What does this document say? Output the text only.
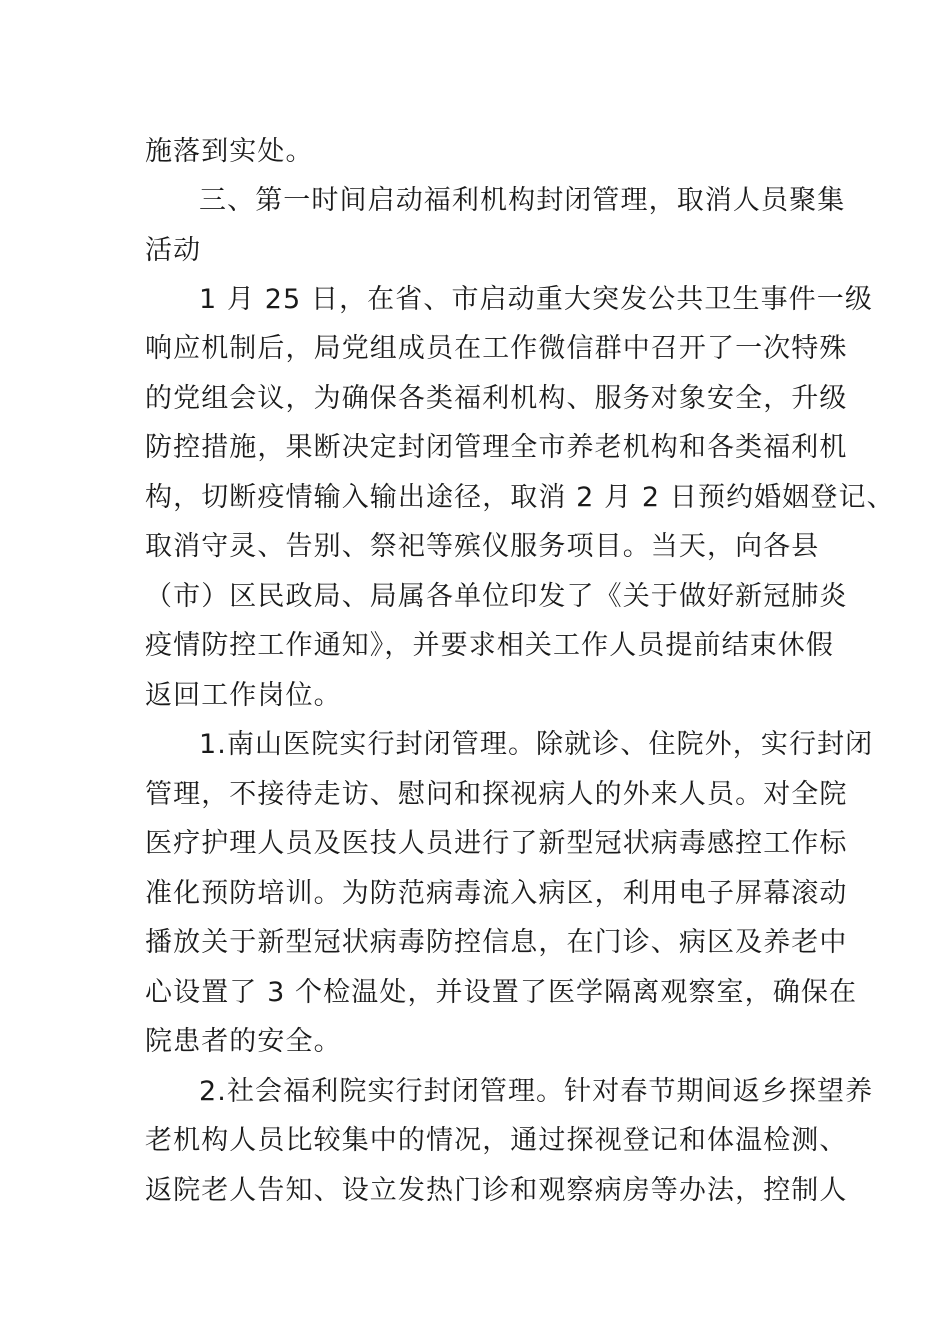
施落到实处。

三、第一时间启动福利机构封闭管理，取消人员聚集

活动

1 月 25 日，在省、市启动重大突发公共卫生事件一级

响应机制后，局党组成员在工作微信群中召开了一次特殊

的党组会议，为确保各类福利机构、服务对象安全，升级

防控措施，果断决定封闭管理全市养老机构和各类福利机

构，切断疫情输入输出途径，取消 2 月 2 日预约婚姻登记、

取消守灵、告别、祭祀等殡仪服务项目。当天，向各县

（市）区民政局、局属各单位印发了《关于做好新冠肺炎

疫情防控工作通知》，并要求相关工作人员提前结束休假

返回工作岗位。

1.南山医院实行封闭管理。除就诊、住院外，实行封闭

管理，不接待走访、慰问和探视病人的外来人员。对全院

医疗护理人员及医技人员进行了新型冠状病毒感控工作标

准化预防培训。为防范病毒流入病区，利用电子屏幕滚动

播放关于新型冠状病毒防控信息，在门诊、病区及养老中

心设置了 3 个检温处，并设置了医学隔离观察室，确保在

院患者的安全。

2.社会福利院实行封闭管理。针对春节期间返乡探望养

老机构人员比较集中的情况，通过探视登记和体温检测、

返院老人告知、设立发热门诊和观察病房等办法，控制人
